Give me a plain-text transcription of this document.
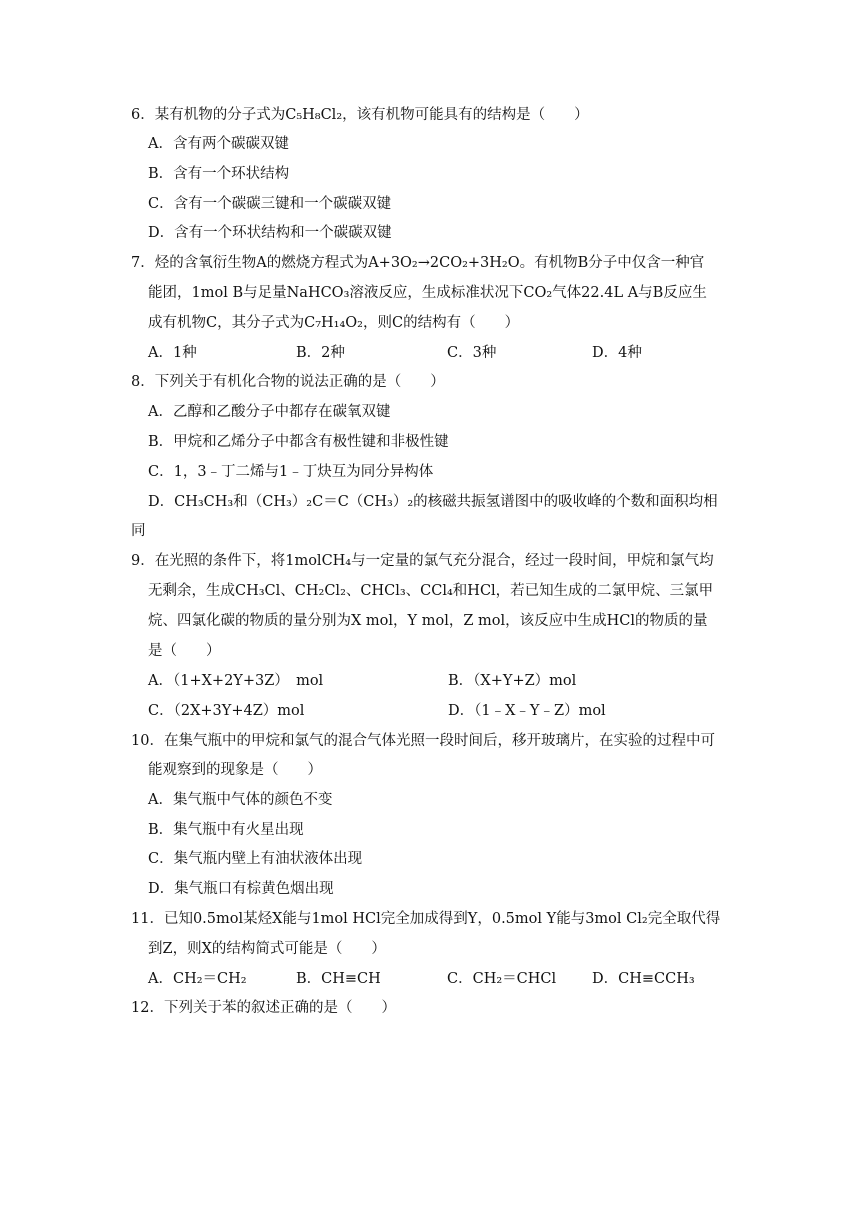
6．某有机物的分子式为C₅H₈Cl₂，该有机物可能具有的结构是（　　）
A．含有两个碳碳双键
B．含有一个环状结构
C．含有一个碳碳三键和一个碳碳双键
D．含有一个环状结构和一个碳碳双键
7．烃的含氧衍生物A的燃烧方程式为A+3O₂→2CO₂+3H₂O。有机物B分子中仅含一种官
能团，1mol B与足量NaHCO₃溶液反应，生成标准状况下CO₂气体22.4L A与B反应生
成有机物C，其分子式为C₇H₁₄O₂，则C的结构有（　　）
A．1种	B．2种	C．3种	D．4种
8．下列关于有机化合物的说法正确的是（　　）
A．乙醇和乙酸分子中都存在碳氧双键
B．甲烷和乙烯分子中都含有极性键和非极性键
C．1，3﹣丁二烯与1﹣丁炔互为同分异构体
D．CH₃CH₃和（CH₃）₂C＝C（CH₃）₂的核磁共振氢谱图中的吸收峰的个数和面积均相
同
9．在光照的条件下，将1molCH₄与一定量的氯气充分混合，经过一段时间，甲烷和氯气均
无剩余，生成CH₃Cl、CH₂Cl₂、CHCl₃、CCl₄和HCl，若已知生成的二氯甲烷、三氯甲
烷、四氯化碳的物质的量分别为X mol，Y mol，Z mol，该反应中生成HCl的物质的量
是（　　）
A．（1+X+2Y+3Z）　mol	B．（X+Y+Z）mol
C．（2X+3Y+4Z）mol	D．（1﹣X﹣Y﹣Z）mol
10．在集气瓶中的甲烷和氯气的混合气体光照一段时间后，移开玻璃片，在实验的过程中可
能观察到的现象是（　　）
A．集气瓶中气体的颜色不变
B．集气瓶中有火星出现
C．集气瓶内壁上有油状液体出现
D．集气瓶口有棕黄色烟出现
11．已知0.5mol某烃X能与1mol HCl完全加成得到Y，0.5mol Y能与3mol Cl₂完全取代得
到Z，则X的结构简式可能是（　　）
A．CH₂＝CH₂	B．CH≡CH	C．CH₂＝CHCl	D．CH≡CCH₃
12．下列关于苯的叙述正确的是（　　）
